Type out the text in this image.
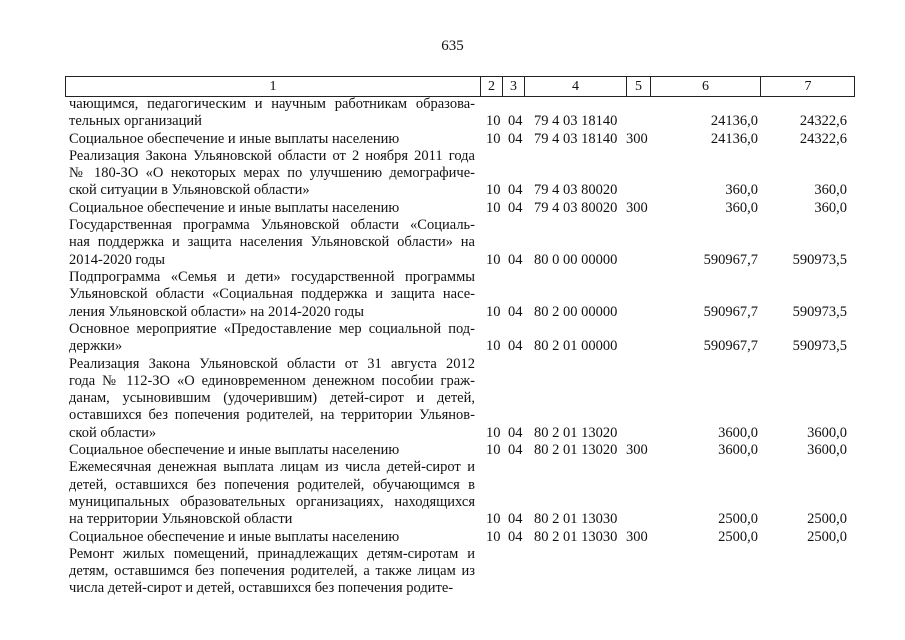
635
1	2	3	4	5	6	7
чающимся, педагогическим и научным работникам образова-
тельных организаций	10 04 79 4 03 18140	24136,0	24322,6
Социальное обеспечение и иные выплаты населению	10 04 79 4 03 18140 300	24136,0	24322,6
Реализация Закона Ульяновской области от 2 ноября 2011 года
№ 180-ЗО «О некоторых мерах по улучшению демографиче-
ской ситуации в Ульяновской области»	10 04 79 4 03 80020	360,0	360,0
Социальное обеспечение и иные выплаты населению	10 04 79 4 03 80020 300	360,0	360,0
Государственная программа Ульяновской области «Социаль-
ная поддержка и защита населения Ульяновской области» на
2014-2020 годы	10 04 80 0 00 00000	590967,7 590973,5
Подпрограмма «Семья и дети» государственной программы
Ульяновской области «Социальная поддержка и защита насе-
ления Ульяновской области» на 2014-2020 годы	10 04 80 2 00 00000	590967,7 590973,5
Основное мероприятие «Предоставление мер социальной под-
держки»	10 04 80 2 01 00000	590967,7 590973,5
Реализация Закона Ульяновской области от 31 августа 2012
года № 112-ЗО «О единовременном денежном пособии граж-
данам, усыновившим (удочерившим) детей-сирот и детей,
оставшихся без попечения родителей, на территории Ульянов-
ской области»	10 04 80 2 01 13020	3600,0	3600,0
Социальное обеспечение и иные выплаты населению	10 04 80 2 01 13020 300	3600,0	3600,0
Ежемесячная денежная выплата лицам из числа детей-сирот и
детей, оставшихся без попечения родителей, обучающимся в
муниципальных образовательных организациях, находящихся
на территории Ульяновской области	10 04 80 2 01 13030	2500,0	2500,0
Социальное обеспечение и иные выплаты населению	10 04 80 2 01 13030 300	2500,0	2500,0
Ремонт жилых помещений, принадлежащих детям-сиротам и
детям, оставшимся без попечения родителей, а также лицам из
числа детей-сирот и детей, оставшихся без попечения родите-
